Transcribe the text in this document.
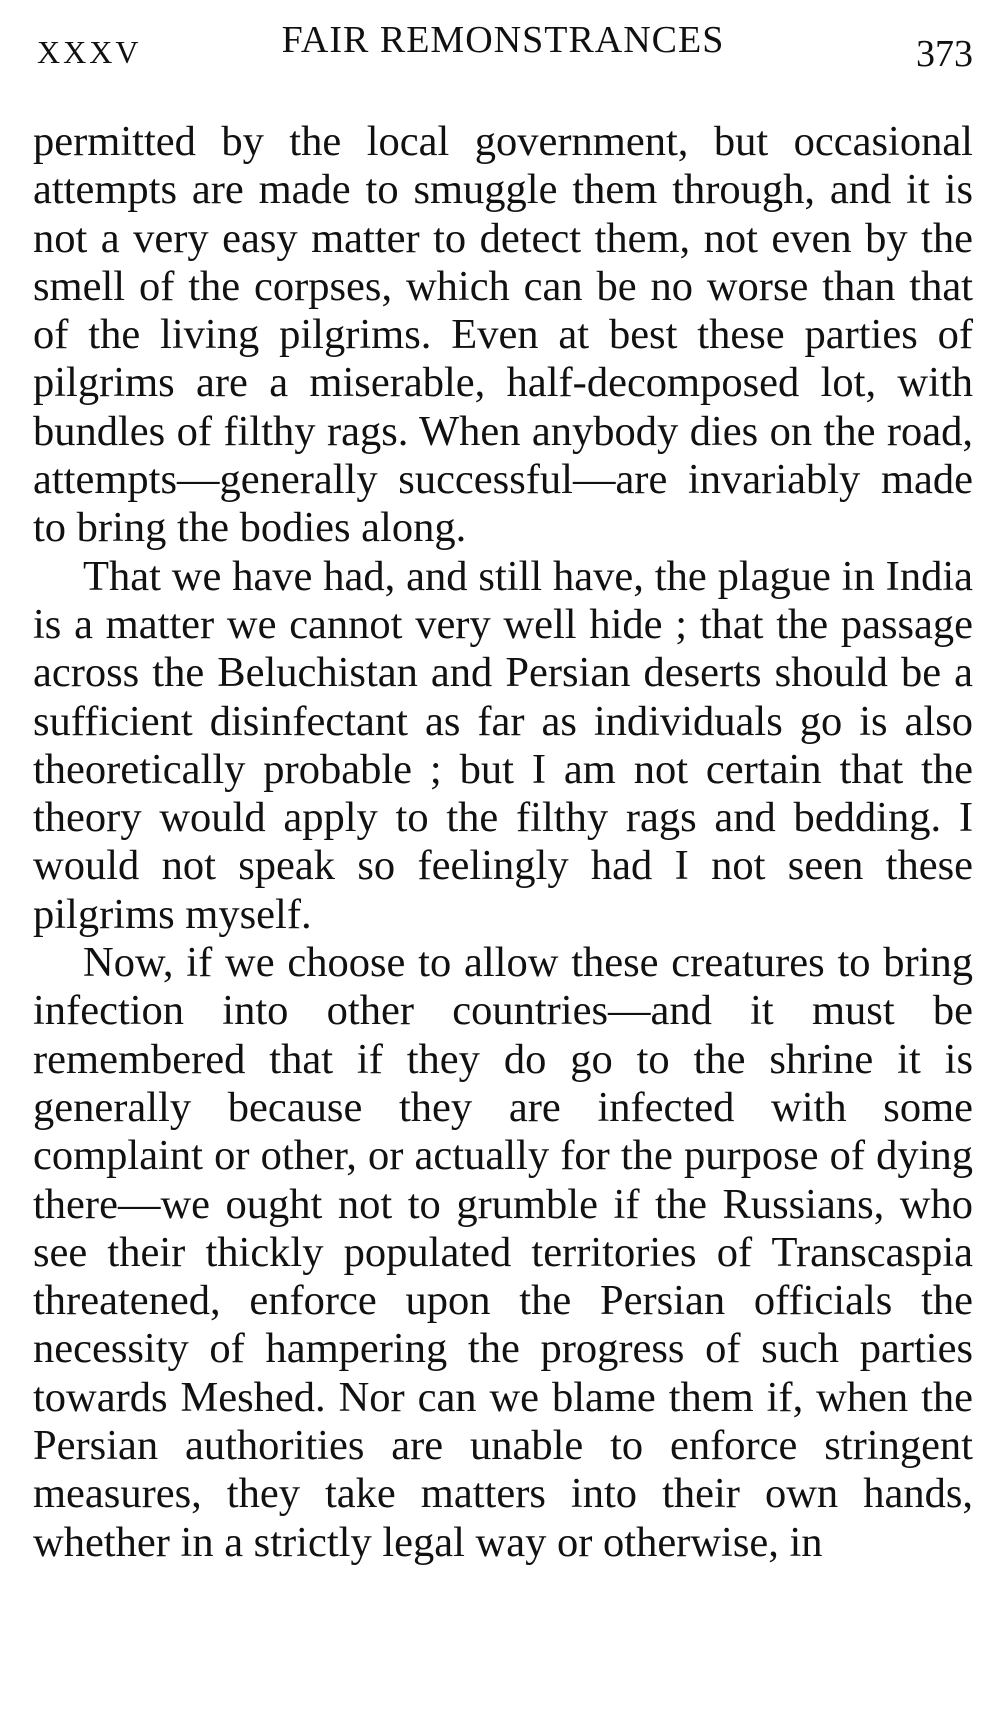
XXXV	FAIR REMONSTRANCES	373

permitted by the local government, but occasional attempts are made to smuggle them through, and it is not a very easy matter to detect them, not even by the smell of the corpses, which can be no worse than that of the living pilgrims. Even at best these parties of pilgrims are a miserable, half-decomposed lot, with bundles of filthy rags. When anybody dies on the road, attempts—generally successful—are invariably made to bring the bodies along.

That we have had, and still have, the plague in India is a matter we cannot very well hide ; that the passage across the Beluchistan and Persian deserts should be a sufficient disinfectant as far as individuals go is also theoretically probable ; but I am not certain that the theory would apply to the filthy rags and bedding. I would not speak so feelingly had I not seen these pilgrims myself.

Now, if we choose to allow these creatures to bring infection into other countries—and it must be remembered that if they do go to the shrine it is generally because they are infected with some complaint or other, or actually for the purpose of dying there—we ought not to grumble if the Russians, who see their thickly populated territories of Transcaspia threatened, enforce upon the Persian officials the necessity of hampering the progress of such parties towards Meshed. Nor can we blame them if, when the Persian authorities are unable to enforce stringent measures, they take matters into their own hands, whether in a strictly legal way or otherwise, in
